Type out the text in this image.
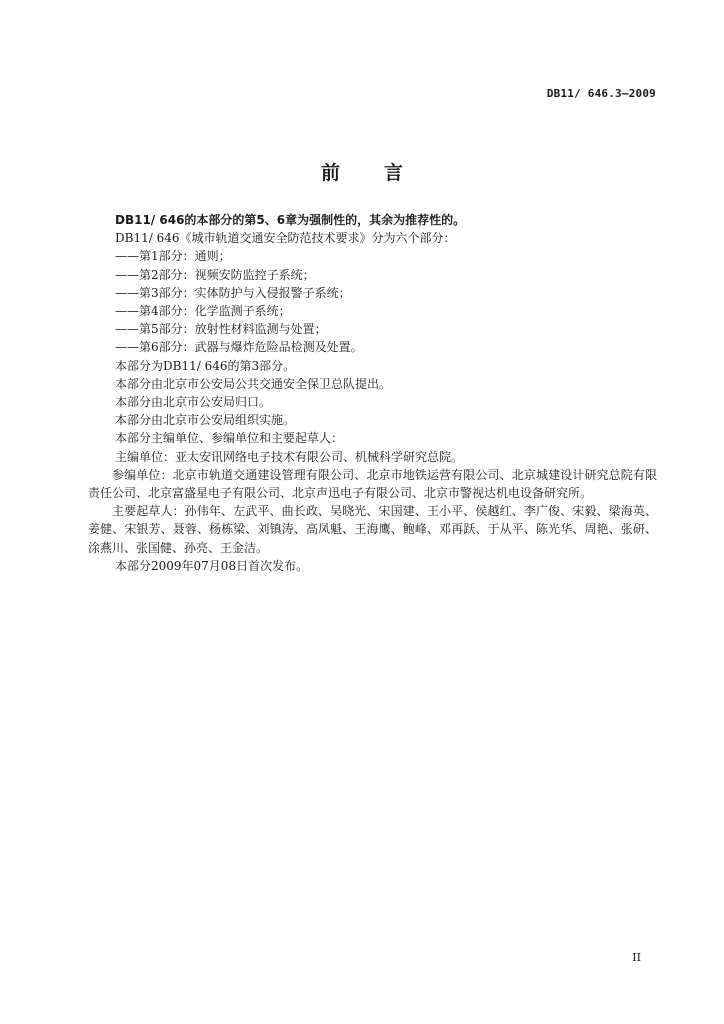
DB11/ 646.3—2009
前言

DB11/ 646的本部分的第5、6章为强制性的，其余为推荐性的。

DB11/ 646《城市轨道交通安全防范技术要求》分为六个部分：

——第1部分：通则；

——第2部分：视频安防监控子系统；

——第3部分：实体防护与入侵报警子系统；

——第4部分：化学监测子系统；

——第5部分：放射性材料监测与处置；

——第6部分：武器与爆炸危险品检测及处置。

本部分为DB11/ 646的第3部分。

本部分由北京市公安局公共交通安全保卫总队提出。

本部分由北京市公安局归口。

本部分由北京市公安局组织实施。

本部分主编单位、参编单位和主要起草人：

主编单位：亚太安讯网络电子技术有限公司、机械科学研究总院。

参编单位：北京市轨道交通建设管理有限公司、北京市地铁运营有限公司、北京城建设计研究总院有限责任公司、北京富盛星电子有限公司、北京声迅电子有限公司、北京市警视达机电设备研究所。

主要起草人：孙伟年、左武平、曲长政、吴晓光、宋国建、王小平、侯越红、李广俊、宋毅、梁海英、姜健、宋银芳、聂蓉、杨栋梁、刘镇涛、高凤魁、王海鹰、鲍峰、邓再跃、于从平、陈光华、周艳、张研、涂燕川、张国健、孙亮、王金洁。

本部分2009年07月08日首次发布。

II
